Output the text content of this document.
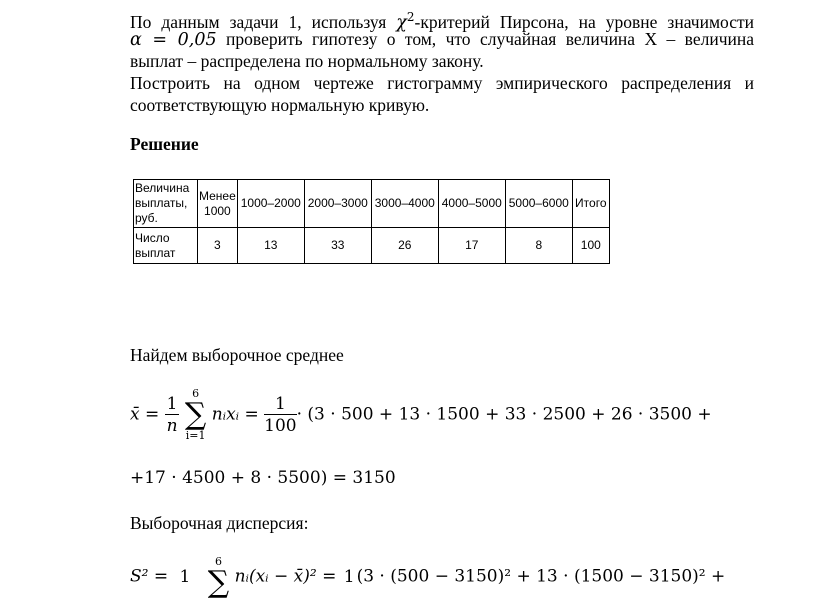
По данным задачи 1, используя $\chi^2$-критерий Пирсона, на уровне значимости
α = 0,05 проверить гипотезу о том, что случайная величина Х – величина
выплат – распределена по нормальному закону.
Построить на одном чертеже гистограмму эмпирического распределения и
соответствующую нормальную кривую.
Решение
Величина выплаты, руб.	Менее 1000	1000–2000	2000–3000	3000–4000	4000–5000	5000–6000	Итого
Число выплат	3	13	33	26	17	8	100
Найдем выборочное среднее
x̄ = $\frac{1}{n}$
	6
∑
i=1
nᵢxᵢ = $\frac{1}{100} \cdot (3 \cdot 500 + 13 \cdot 1500 + 33 \cdot 2500 + 26 \cdot 3500$ +
+17 · 4500 + 8 · 5500) = 3150
Выборочная дисперсия:
S² = 1

6
∑ nᵢ(xᵢ − x̄)² = 1 (3 · (500 − 3150)² + 13 · (1500 − 3150)² +
